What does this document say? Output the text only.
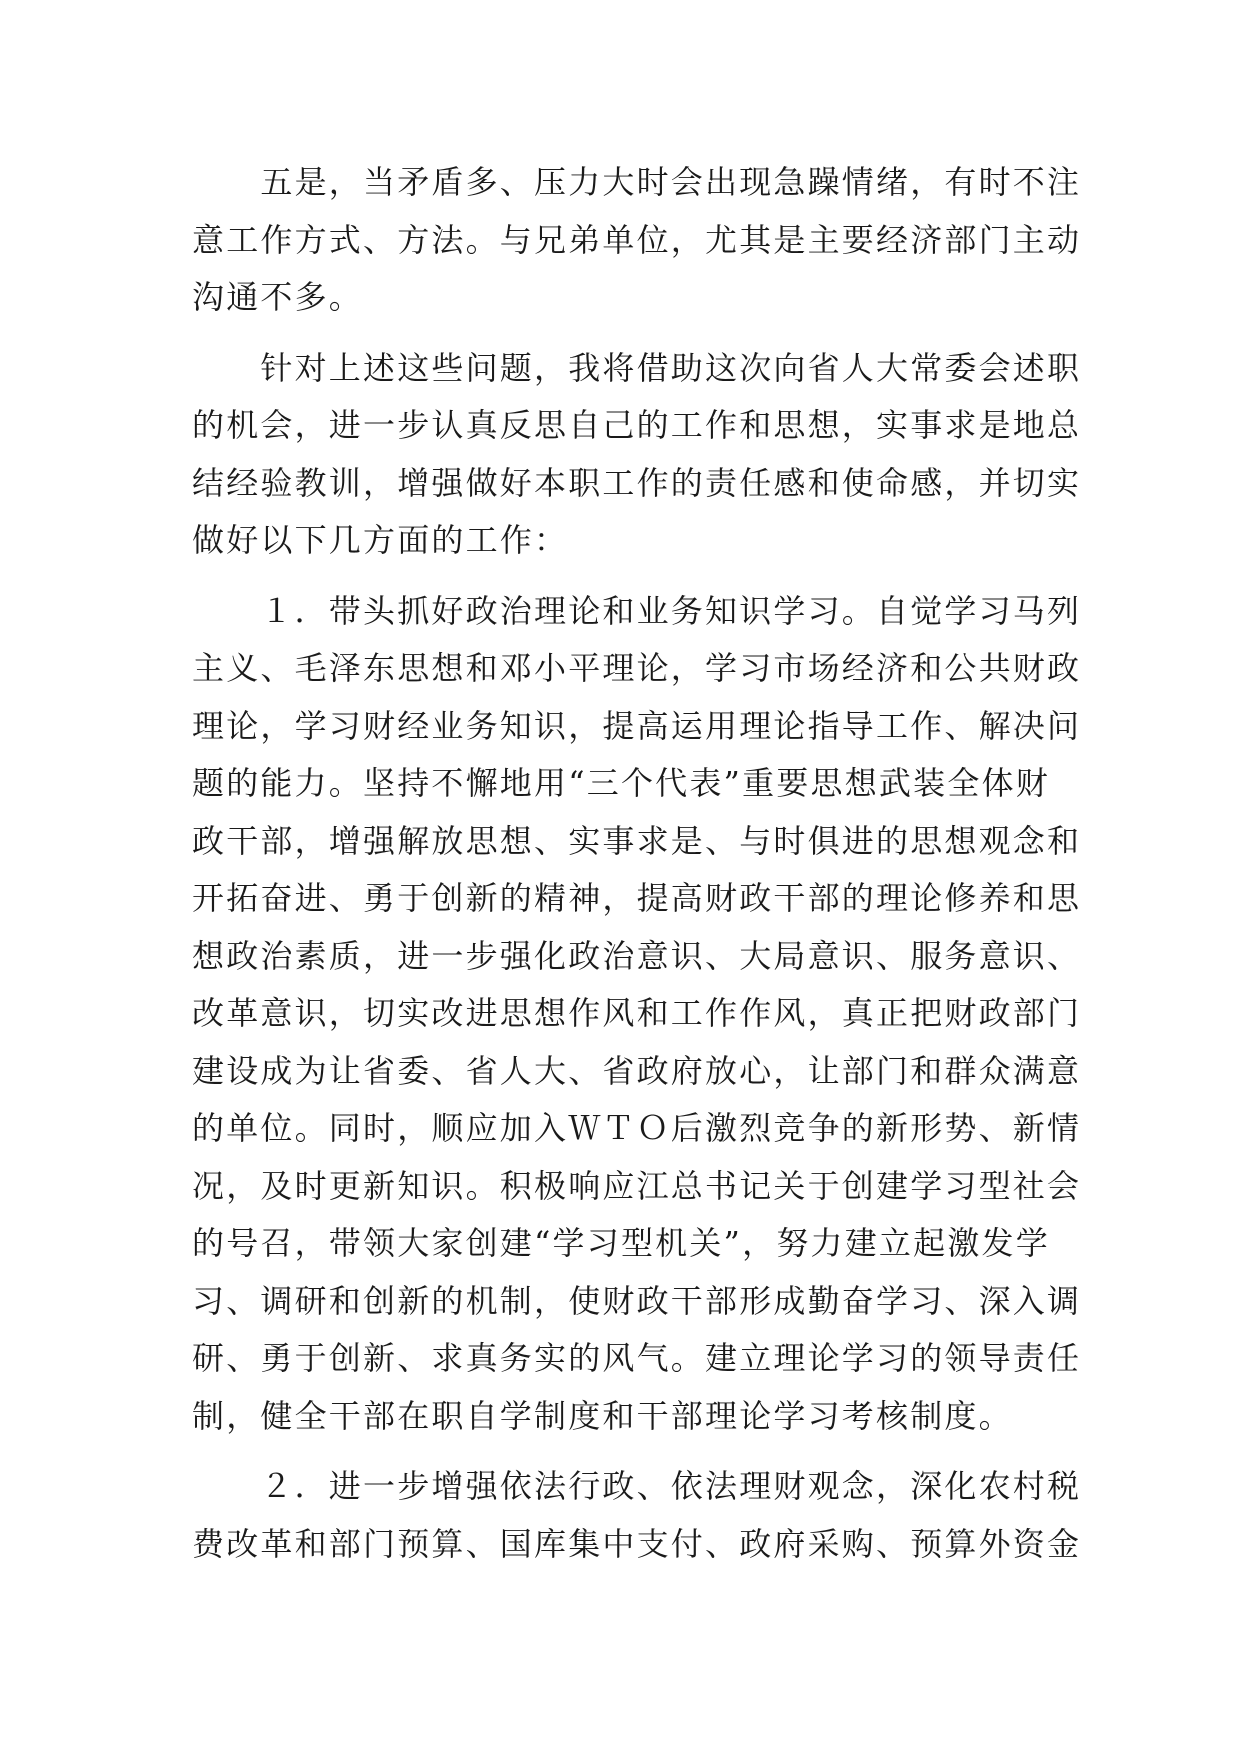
　　五是，当矛盾多、压力大时会出现急躁情绪，有时不注
意工作方式、方法。与兄弟单位，尤其是主要经济部门主动
沟通不多。
　　针对上述这些问题，我将借助这次向省人大常委会述职
的机会，进一步认真反思自己的工作和思想，实事求是地总
结经验教训，增强做好本职工作的责任感和使命感，并切实
做好以下几方面的工作：
　　１．带头抓好政治理论和业务知识学习。自觉学习马列
主义、毛泽东思想和邓小平理论，学习市场经济和公共财政
理论，学习财经业务知识，提高运用理论指导工作、解决问
题的能力。坚持不懈地用“三个代表”重要思想武装全体财
政干部，增强解放思想、实事求是、与时俱进的思想观念和
开拓奋进、勇于创新的精神，提高财政干部的理论修养和思
想政治素质，进一步强化政治意识、大局意识、服务意识、
改革意识，切实改进思想作风和工作作风，真正把财政部门
建设成为让省委、省人大、省政府放心，让部门和群众满意
的单位。同时，顺应加入ＷＴＯ后激烈竞争的新形势、新情
况，及时更新知识。积极响应江总书记关于创建学习型社会
的号召，带领大家创建“学习型机关”，努力建立起激发学
习、调研和创新的机制，使财政干部形成勤奋学习、深入调
研、勇于创新、求真务实的风气。建立理论学习的领导责任
制，健全干部在职自学制度和干部理论学习考核制度。
　　２．进一步增强依法行政、依法理财观念，深化农村税
费改革和部门预算、国库集中支付、政府采购、预算外资金
